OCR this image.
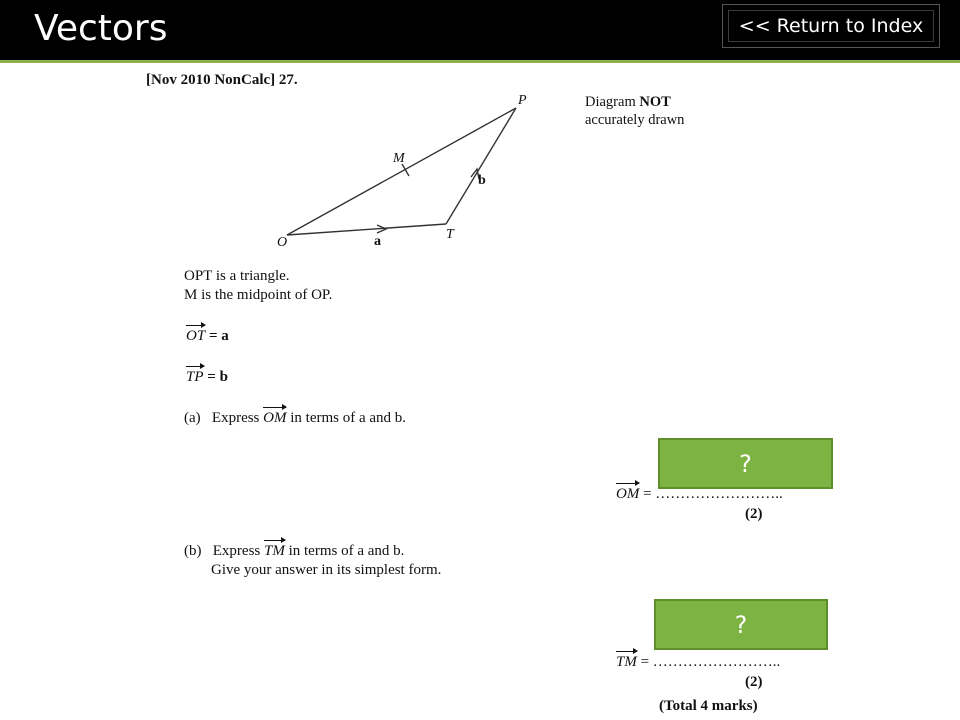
Vectors	<< Return to Index
[Nov 2010 NonCalc] 27.
Diagram NOT
accurately drawn
P
M
O
T
a
b
OPT is a triangle.
M is the midpoint of OP.
OT = a
TP = b
(a) Express OM in terms of a and b.
?
OM = ……………………..
(2)
(b) Express TM in terms of a and b.
Give your answer in its simplest form.
?
TM = ……………………..
(2)
(Total 4 marks)
